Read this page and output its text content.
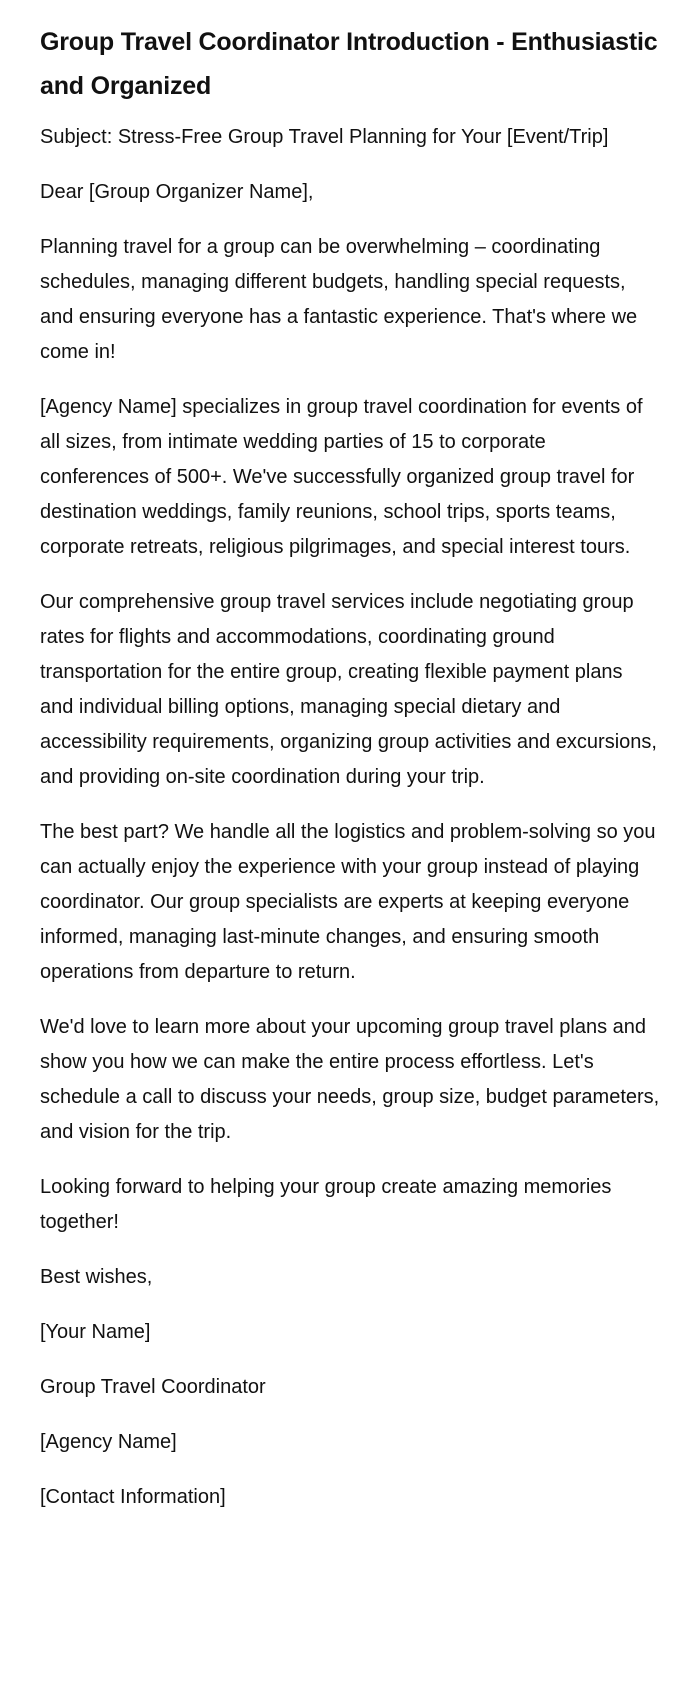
Group Travel Coordinator Introduction - Enthusiastic and Organized

Subject: Stress-Free Group Travel Planning for Your [Event/Trip]

Dear [Group Organizer Name],

Planning travel for a group can be overwhelming – coordinating schedules, managing different budgets, handling special requests, and ensuring everyone has a fantastic experience. That's where we come in!

[Agency Name] specializes in group travel coordination for events of all sizes, from intimate wedding parties of 15 to corporate conferences of 500+. We've successfully organized group travel for destination weddings, family reunions, school trips, sports teams, corporate retreats, religious pilgrimages, and special interest tours.

Our comprehensive group travel services include negotiating group rates for flights and accommodations, coordinating ground transportation for the entire group, creating flexible payment plans and individual billing options, managing special dietary and accessibility requirements, organizing group activities and excursions, and providing on-site coordination during your trip.

The best part? We handle all the logistics and problem-solving so you can actually enjoy the experience with your group instead of playing coordinator. Our group specialists are experts at keeping everyone informed, managing last-minute changes, and ensuring smooth operations from departure to return.

We'd love to learn more about your upcoming group travel plans and show you how we can make the entire process effortless. Let's schedule a call to discuss your needs, group size, budget parameters, and vision for the trip.

Looking forward to helping your group create amazing memories together!

Best wishes,

[Your Name]

Group Travel Coordinator

[Agency Name]

[Contact Information]
